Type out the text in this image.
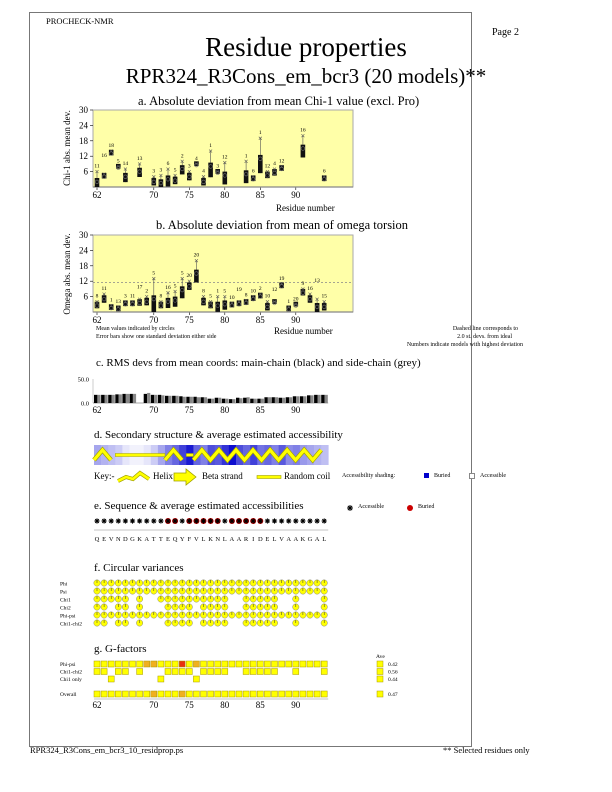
PROCHECK-NMR
Page 2
Residue properties
RPR324_R3Cons_em_bcr3 (20 models)**
a. Absolute deviation from mean Chi-1 value (excl. Pro)
30
24
18
12
6
62	70	75	80	85	90
Chi-1 abs. mean dev.	11
16
18
5 14
13
3 3
6
5
2
3
4
4
1
3
12	1
6
1
12 4 12
16
6
Residue number
b. Absolute deviation from mean of omega torsion
30
24
18
12
6
62	70	75	80	85	90
Omega abs. mean dev.	8
11
1 13
3 11
17
2
5
8
16 5
5 20
20
8
5
1 5
10
19
8
10 2
10
12
19
1 20
9
16
13
15
Residue number
Mean values indicated by circles
Error bars show one standard deviation either side
Dashed line corresponds to
2.0 st. devs. from ideal
Numbers indicate models with highest deviation
c. RMS devs from mean coords: main-chain (black) and side-chain (grey)
50.0
0.0
62	70	75	80	85	90
d. Secondary structure & average estimated accessibility
Key:-	Helix	Beta strand	Random coil Accessibility shading:	Buried	Accessible
e. Sequence & average estimated accessibilities	Accessible	Buried
Q E V N D G K A T T E Q Y F V L K N L A A R I D E L V A A K G A L
f. Circular variances
Phi
Psi
Chi1
Chi2
Phi-psi
Chi1-chi2
g. G-factors
Phi-psi	0.42
Chi1-chi2	0.56
Chi1 only	0.44
Overall	0.47
Ave
62	70	75	80	85	90
RPR324_R3Cons_em_bcr3_10_residprop.ps	** Selected residues only
